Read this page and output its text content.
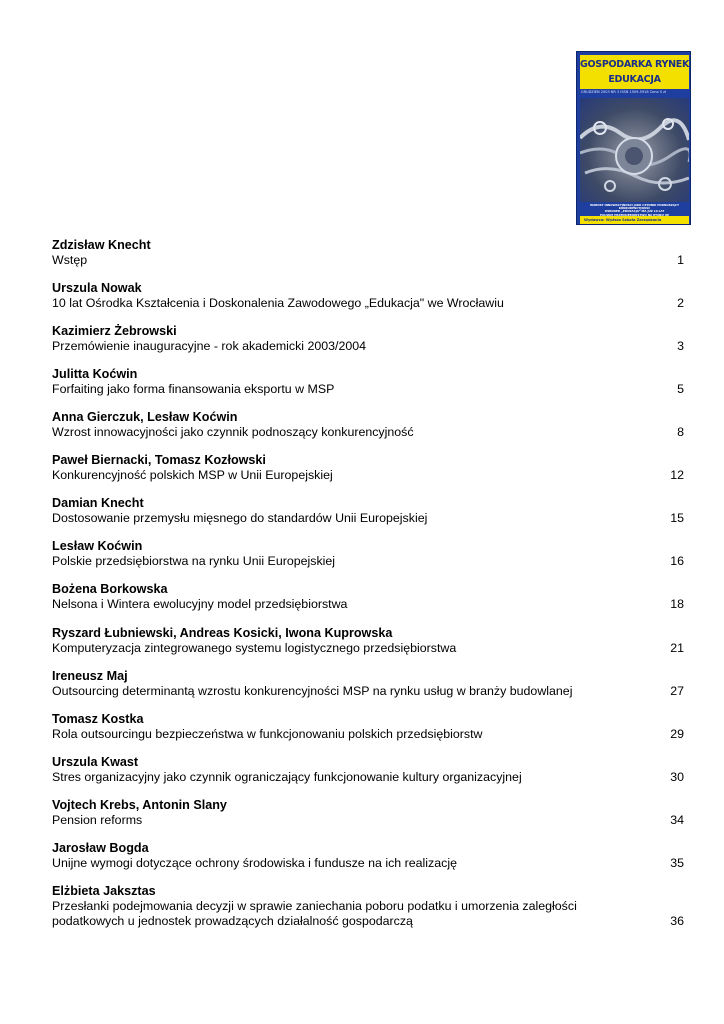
GOSPODARKA RYNEK
EDUKACJA
GRUDZIEŃ 2003 NR 3 ISSN 1509-5916 Cena 5 zł
WZROST INNOWACYJNOŚCI JAKO CZYNNIK PODNOSZĄCY KONKURENCYJNOŚĆ
OŚRODEK „EDUKACJA” MA JUŻ 10 LAT
POLSKIE PRZEDSIĘBIORSTWO NA RYNKU UE
Wydawca: Wyższa Szkoła Zarządzania
Zdzisław Knecht
Wstęp	1
Urszula Nowak
10 lat Ośrodka Kształcenia i Doskonalenia Zawodowego „Edukacja" we Wrocławiu	2
Kazimierz Żebrowski
Przemówienie inauguracyjne - rok akademicki 2003/2004	3
Julitta Koćwin
Forfaiting jako forma finansowania eksportu w MSP	5
Anna Gierczuk, Lesław Koćwin
Wzrost innowacyjności jako czynnik podnoszący konkurencyjność	8
Paweł Biernacki, Tomasz Kozłowski
Konkurencyjność polskich MSP w Unii Europejskiej	12
Damian Knecht
Dostosowanie przemysłu mięsnego do standardów Unii Europejskiej	15
Lesław Koćwin
Polskie przedsiębiorstwa na rynku Unii Europejskiej	16
Bożena Borkowska
Nelsona i Wintera ewolucyjny model przedsiębiorstwa	18
Ryszard Łubniewski, Andreas Kosicki, Iwona Kuprowska
Komputeryzacja zintegrowanego systemu logistycznego przedsiębiorstwa	21
Ireneusz Maj
Outsourcing determinantą wzrostu konkurencyjności MSP na rynku usług w branży budowlanej	27
Tomasz Kostka
Rola outsourcingu bezpieczeństwa w funkcjonowaniu polskich przedsiębiorstw	29
Urszula Kwast
Stres organizacyjny jako czynnik ograniczający funkcjonowanie kultury organizacyjnej	30
Vojtech Krebs, Antonin Slany
Pension reforms	34
Jarosław Bogda
Unijne wymogi dotyczące ochrony środowiska i fundusze na ich realizację	35
Elżbieta Jaksztas
Przesłanki podejmowania decyzji w sprawie zaniechania poboru podatku i umorzenia zaległości podatkowych u jednostek prowadzących działalność gospodarczą	36
